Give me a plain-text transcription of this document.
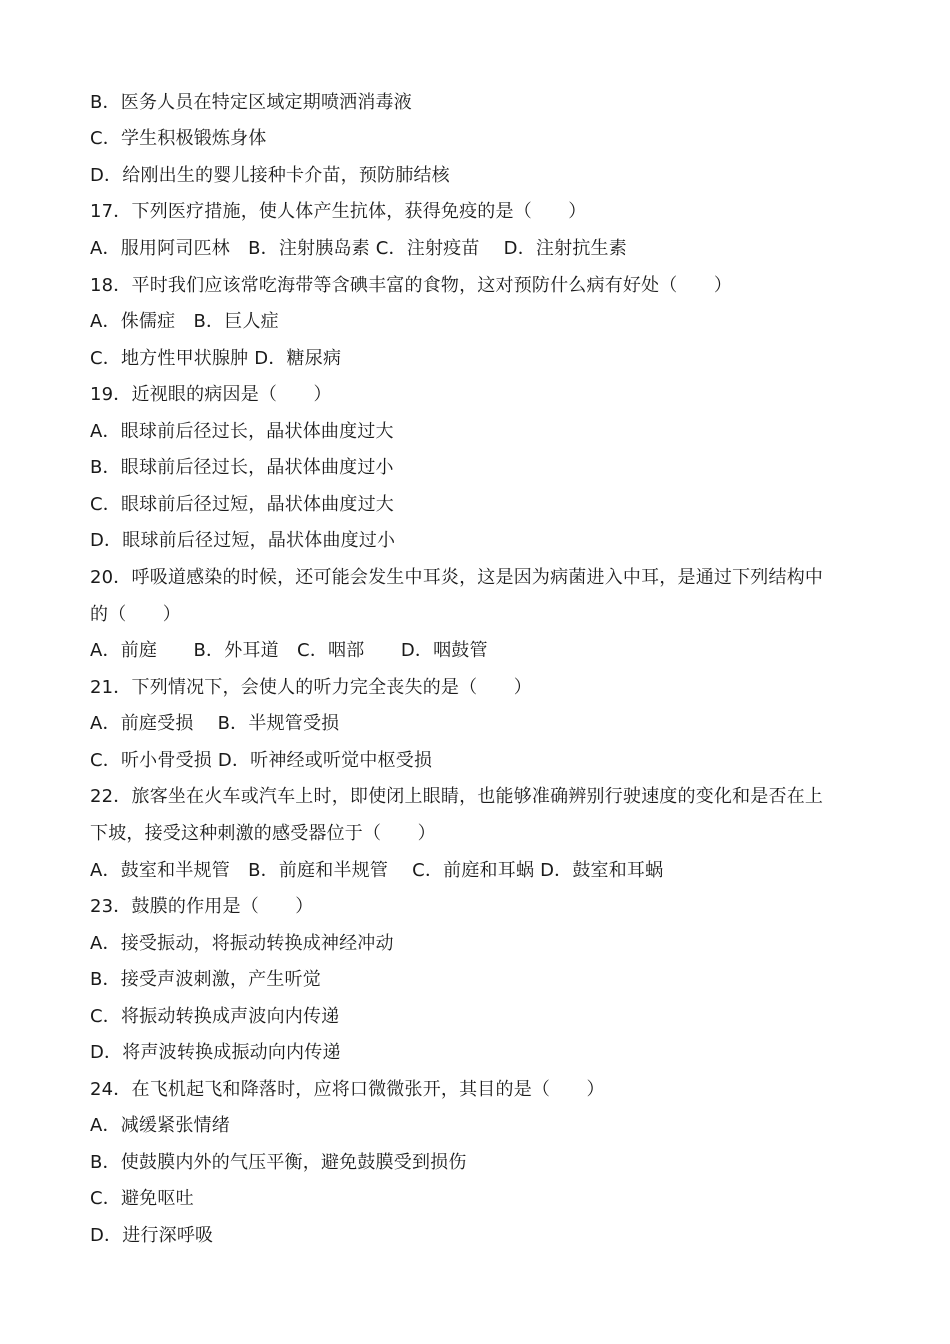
B．医务人员在特定区域定期喷洒消毒液
C．学生积极锻炼身体
D．给刚出生的婴儿接种卡介苗，预防肺结核
17．下列医疗措施，使人体产生抗体，获得免疫的是（　　）
A．服用阿司匹林　B．注射胰岛素 C．注射疫苗　 D．注射抗生素
18．平时我们应该常吃海带等含碘丰富的食物，这对预防什么病有好处（　　）
A．侏儒症　B．巨人症
C．地方性甲状腺肿 D．糖尿病
19．近视眼的病因是（　　）
A．眼球前后径过长，晶状体曲度过大
B．眼球前后径过长，晶状体曲度过小
C．眼球前后径过短，晶状体曲度过大
D．眼球前后径过短，晶状体曲度过小
20．呼吸道感染的时候，还可能会发生中耳炎，这是因为病菌进入中耳，是通过下列结构中
的（　　）
A．前庭　　B．外耳道　C．咽部　　D．咽鼓管
21．下列情况下，会使人的听力完全丧失的是（　　）
A．前庭受损　 B．半规管受损
C．听小骨受损 D．听神经或听觉中枢受损
22．旅客坐在火车或汽车上时，即使闭上眼睛，也能够准确辨别行驶速度的变化和是否在上
下坡，接受这种刺激的感受器位于（　　）
A．鼓室和半规管　B．前庭和半规管　 C．前庭和耳蜗 D．鼓室和耳蜗
23．鼓膜的作用是（　　）
A．接受振动，将振动转换成神经冲动
B．接受声波刺激，产生听觉
C．将振动转换成声波向内传递
D．将声波转换成振动向内传递
24．在飞机起飞和降落时，应将口微微张开，其目的是（　　）
A．减缓紧张情绪
B．使鼓膜内外的气压平衡，避免鼓膜受到损伤
C．避免呕吐
D．进行深呼吸
